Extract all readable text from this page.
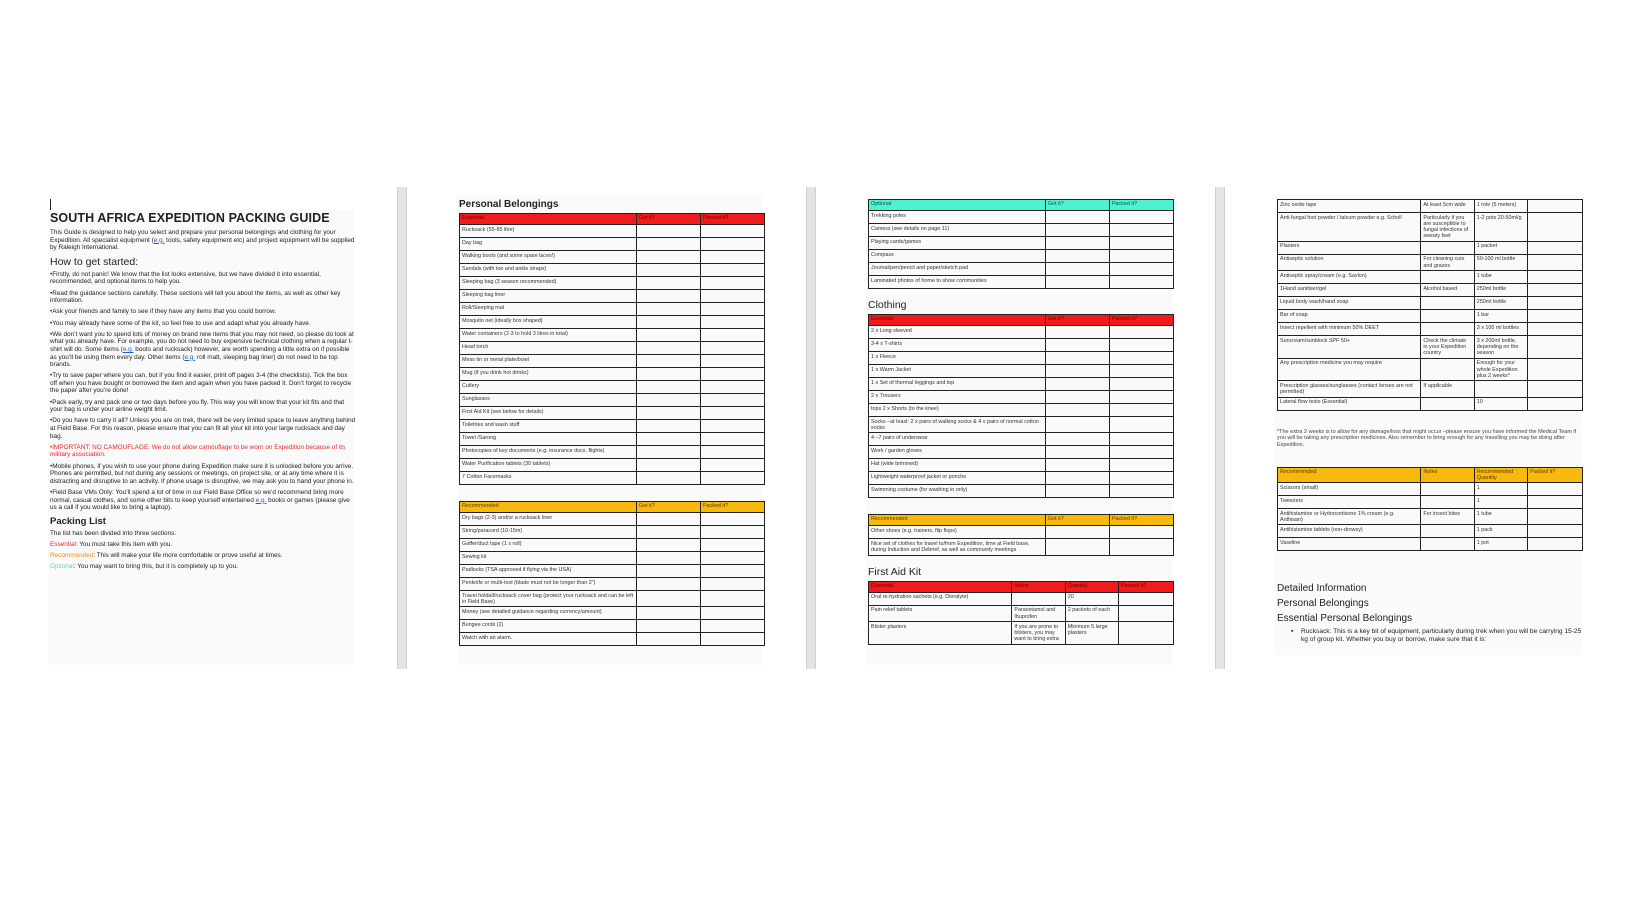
SOUTH AFRICA EXPEDITION PACKING GUIDE
This Guide is designed to help you select and prepare your personal belongings and clothing for your Expedition. All specialist equipment (e.g. tools, safety equipment etc) and project equipment will be supplied by Raleigh International.
How to get started:
•Firstly, do not panic! We know that the list looks extensive, but we have divided it into essential, recommended, and optional items to help you.
•Read the guidance sections carefully. These sections will tell you about the items, as well as other key information.
•Ask your friends and family to see if they have any items that you could borrow.
•You may already have some of the kit, so feel free to use and adapt what you already have.
•We don’t want you to spend lots of money on brand new items that you may not need, so please do look at what you already have. For example, you do not need to buy expensive technical clothing when a regular t-shirt will do. Some items (e.g. boots and rucksack) however, are worth spending a little extra on if possible as you’ll be using them every day. Other items (e.g. roll matt, sleeping bag liner) do not need to be top brands.
•Try to save paper where you can, but if you find it easier, print off pages 3-4 (the checklists). Tick the box off when you have bought or borrowed the item and again when you have packed it. Don’t forget to recycle the paper after you’re done!
•Pack early, try and pack one or two days before you fly. This way you will know that your kit fits and that your bag is under your airline weight limit.
•Do you have to carry it all? Unless you are on trek, there will be very limited space to leave anything behind at Field Base. For this reason, please ensure that you can fit all your kit into your large rucksack and day bag.
•IMPORTANT: NO CAMOUFLAGE. We do not allow camouflage to be worn on Expedition because of its military association.
•Mobile phones, if you wish to use your phone during Expedition make sure it is unlocked before you arrive. Phones are permitted, but not during any sessions or meetings, on project site, or at any time where it is distracting and disruptive to an activity. If phone usage is disruptive, we may ask you to hand your phone in.
•Field Base VMs Only: You’ll spend a lot of time in our Field Base Office so we’d recommend bring more normal, casual clothes, and some other bits to keep yourself entertained e.g. books or games (please give us a call if you would like to bring a laptop).
Packing List
The list has been divided into three sections:
Essential: You must take this item with you.
Recommended: This will make your life more comfortable or prove useful at times.
Optional: You may want to bring this, but it is completely up to you.
Personal Belongings
Essential	Got it?	Packed it?
Rucksack (55-85 litre)		
Day bag		
Walking boots (and some spare laces!)		
Sandals (with toe and ankle straps)		
Sleeping bag (3 season recommended)		
Sleeping bag liner		
Roll/Sleeping mat		
Mosquito net (ideally box shaped)		
Water containers (2-3 to hold 3 litres in total)		
Head torch		
Mess tin or metal plate/bowl		
Mug (if you drink hot drinks)		
Cutlery		
Sunglasses		
First Aid Kit (see below for details)		
Toiletries and wash stuff		
Towel /Sarong		
Photocopies of key documents (e.g. insurance docs, flights)		
Water Purification tablets (30 tablets)		
7 Cotton Facemasks		
Recommended	Got it?	Packed it?
Dry bags (2-3) and/or a rucksack liner		
String/paracord (10-15m)		
Gaffer/duct tape (1 x roll)		
Sewing kit		
Padlocks (TSA approved if flying via the USA)		
Penknife or multi-tool (blade must not be longer than 2”)		
Travel holdall/rucksack cover bag (protect your rucksack and can be left in Field Base)		
Money (see detailed guidance regarding currency/amount)		
Bungee cords (2)		
Watch with an alarm.		
Optional	Got it?	Packed it?
Trekking poles		
Camera (see details on page 11)		
Playing cards/games		
Compass		
Journal/pen/pencil and paper/sketch pad		
Laminated photos of home to show communities		
Clothing
Essential	Got it?	Packed it?
2 x Long sleeved		
3-4 x T-shirts		
1 x Fleece		
1 x Warm Jacket		
1 x Set of thermal leggings and top		
2 x Trousers		
tops 2 x Shorts (to the knee)		
Socks –at least: 2 x pairs of walking socks & 4 x pairs of normal cotton socks		
4 –7 pairs of underwear		
Work / garden gloves		
Hat (wide brimmed)		
Lightweight waterproof jacket or poncho		
Swimming costume (for washing in only)		
Recommended	Got it?	Packed it?
Other shoes (e.g. trainers, flip flops)		
Nice set of clothes for travel to/from Expedition, time at Field base, during Induction and Debrief, as well as community meetings		
First Aid Kit
Essential	Notes	Quantity	Packed it?
Oral re-hydration sachets (e.g. Dioralyte)		20	
Pain relief tablets	Paracetamol and Ibuprofen	2 packets of each	
Blister plasters	If you are prone to blisters, you may want to bring extra	Minimum 5 large plasters	
Zinc oxide tape	At least 5cm wide	1 role (5 meters)	
Anti-fungal foot powder / talcum powder e.g. Scholl	Particularly if you are susceptible to fungal infections of sweaty feet	1-2 pots 20-50ml/g	
Plasters		1 packet	
Antiseptic solution	For cleaning cuts and grazes	50-100 ml bottle	
Antiseptic spray/cream (e.g. Savlon)		1 tube	
1Hand sanitiser/gel	Alcohol based	250ml bottle	
Liquid body wash/hand soap		250ml bottle	
Bar of soap		1 bar	
Insect repellent with minimum 50% DEET		3 x 100 ml bottles	
Suncream/sunblock SPF 50+	Check the climate in your Expedition country	3 x 200ml bottle, depending on the season	
Any prescription medicine you may require		Enough for your whole Expedition plus 2 weeks*	
Prescription glasses/sunglasses (contact lenses are not permitted)	If applicable		
Lateral flow tests (Essential)		10	
*The extra 2 weeks is to allow for any damage/loss that might occur –please ensure you have informed the Medical Team if you will be taking any prescription medicines. Also remember to bring enough for any travelling you may be doing after Expedition.
Recommended	Notes	Recommended Quantity	Packed it?
Scissors (small)		1	
Tweezers		1	
Antihistamine or Hydrocortisone 1% cream (e.g. Anthisan)	For insect bites	1 tube	
Antihistamine tablets (non-drowsy)		1 pack	
Vaseline		1 pot	
Detailed Information
Personal Belongings
Essential Personal Belongings
▪ Rucksack: This is a key bit of equipment, particularly during trek when you will be carrying 15-25 kg of group kit. Whether you buy or borrow, make sure that it is:
